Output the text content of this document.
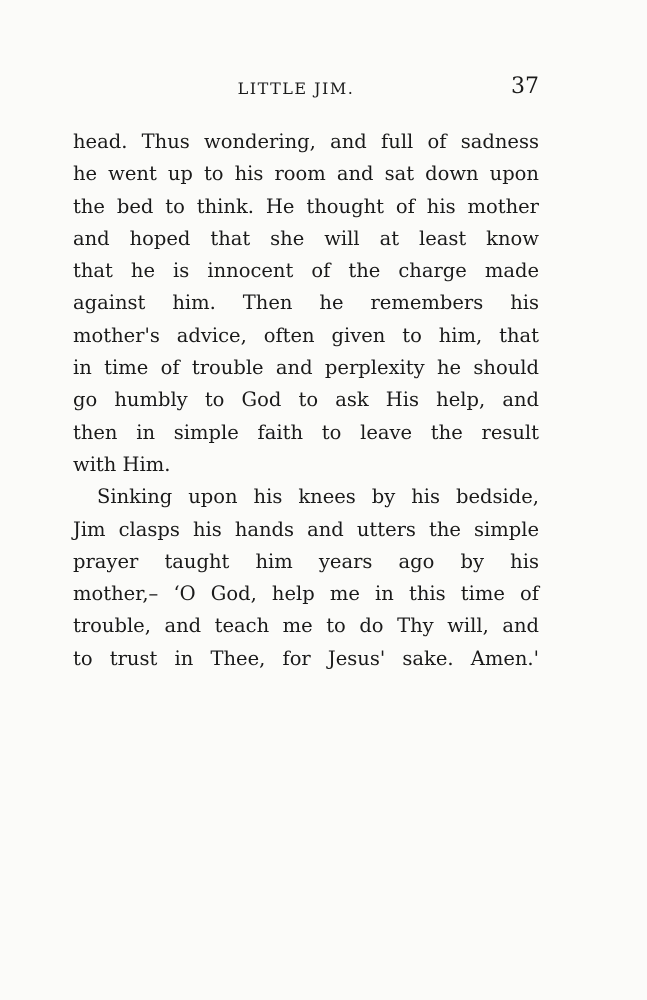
LITTLE JIM.	37
head. Thus wondering, and full of sadness
he went up to his room and sat down upon
the bed to think. He thought of his mother
and hoped that she will at least know
that he is innocent of the charge made
against him. Then he remembers his
mother's advice, often given to him, that
in time of trouble and perplexity he should
go humbly to God to ask His help, and
then in simple faith to leave the result
with Him.
Sinking upon his knees by his bedside,
Jim clasps his hands and utters the simple
prayer taught him years ago by his
mother,– ‘O God, help me in this time of
trouble, and teach me to do Thy will, and
to trust in Thee, for Jesus' sake. Amen.'
